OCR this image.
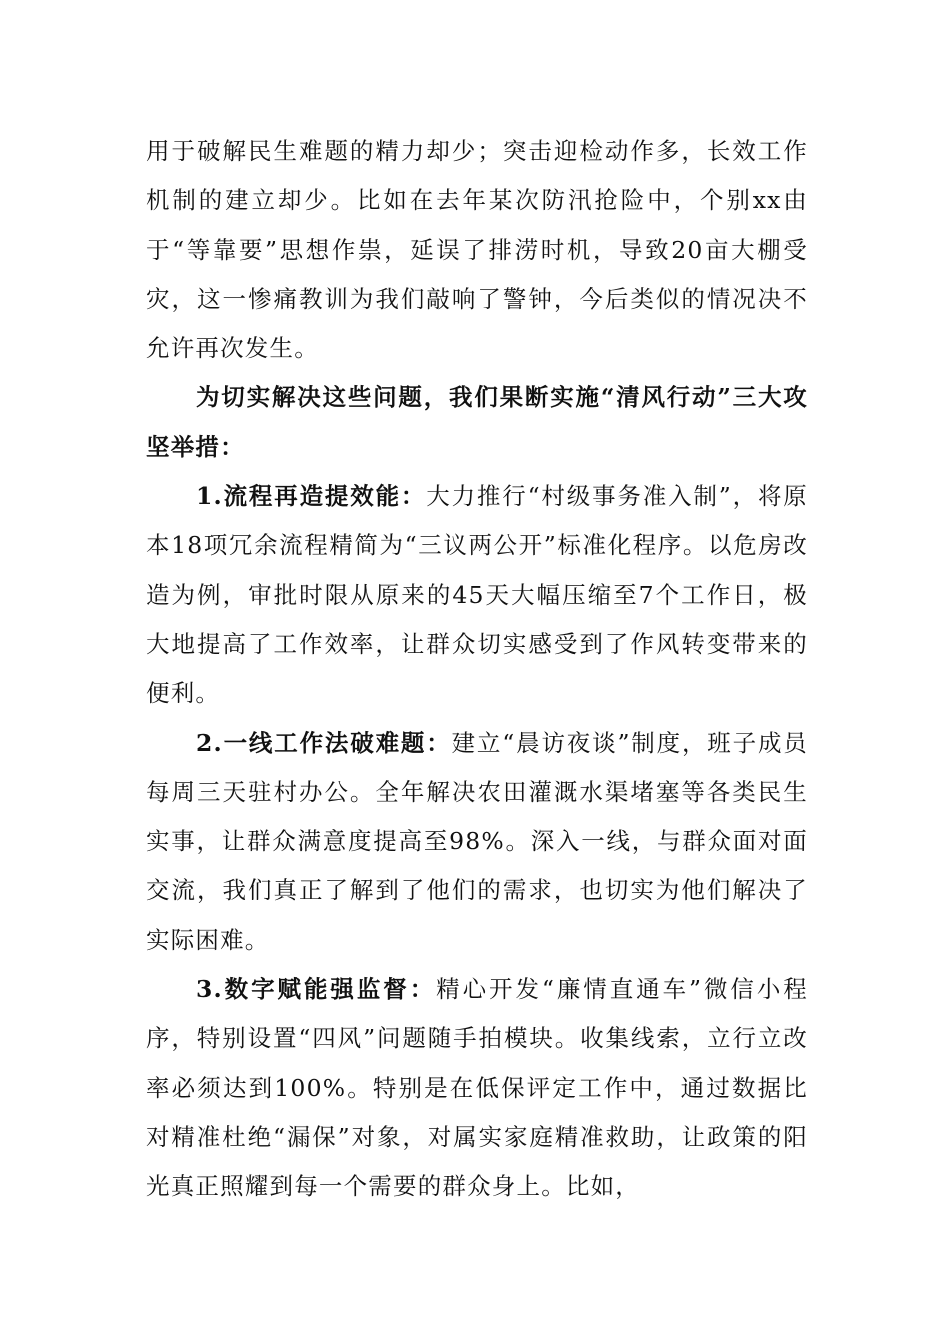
用于破解民生难题的精力却少；突击迎检动作多，长效工作机制的建立却少。比如在去年某次防汛抢险中，个别xx由于“等靠要”思想作祟，延误了排涝时机，导致20亩大棚受灾，这一惨痛教训为我们敲响了警钟，今后类似的情况决不允许再次发生。

为切实解决这些问题，我们果断实施“清风行动”三大攻坚举措：

1.流程再造提效能：大力推行“村级事务准入制”，将原本18项冗余流程精简为“三议两公开”标准化程序。以危房改造为例，审批时限从原来的45天大幅压缩至7个工作日，极大地提高了工作效率，让群众切实感受到了作风转变带来的便利。

2.一线工作法破难题：建立“晨访夜谈”制度，班子成员每周三天驻村办公。全年解决农田灌溉水渠堵塞等各类民生实事，让群众满意度提高至98%。深入一线，与群众面对面交流，我们真正了解到了他们的需求，也切实为他们解决了实际困难。

3.数字赋能强监督：精心开发“廉情直通车”微信小程序，特别设置“四风”问题随手拍模块。收集线索，立行立改率必须达到100%。特别是在低保评定工作中，通过数据比对精准杜绝“漏保”对象，对属实家庭精准救助，让政策的阳光真正照耀到每一个需要的群众身上。比如，
